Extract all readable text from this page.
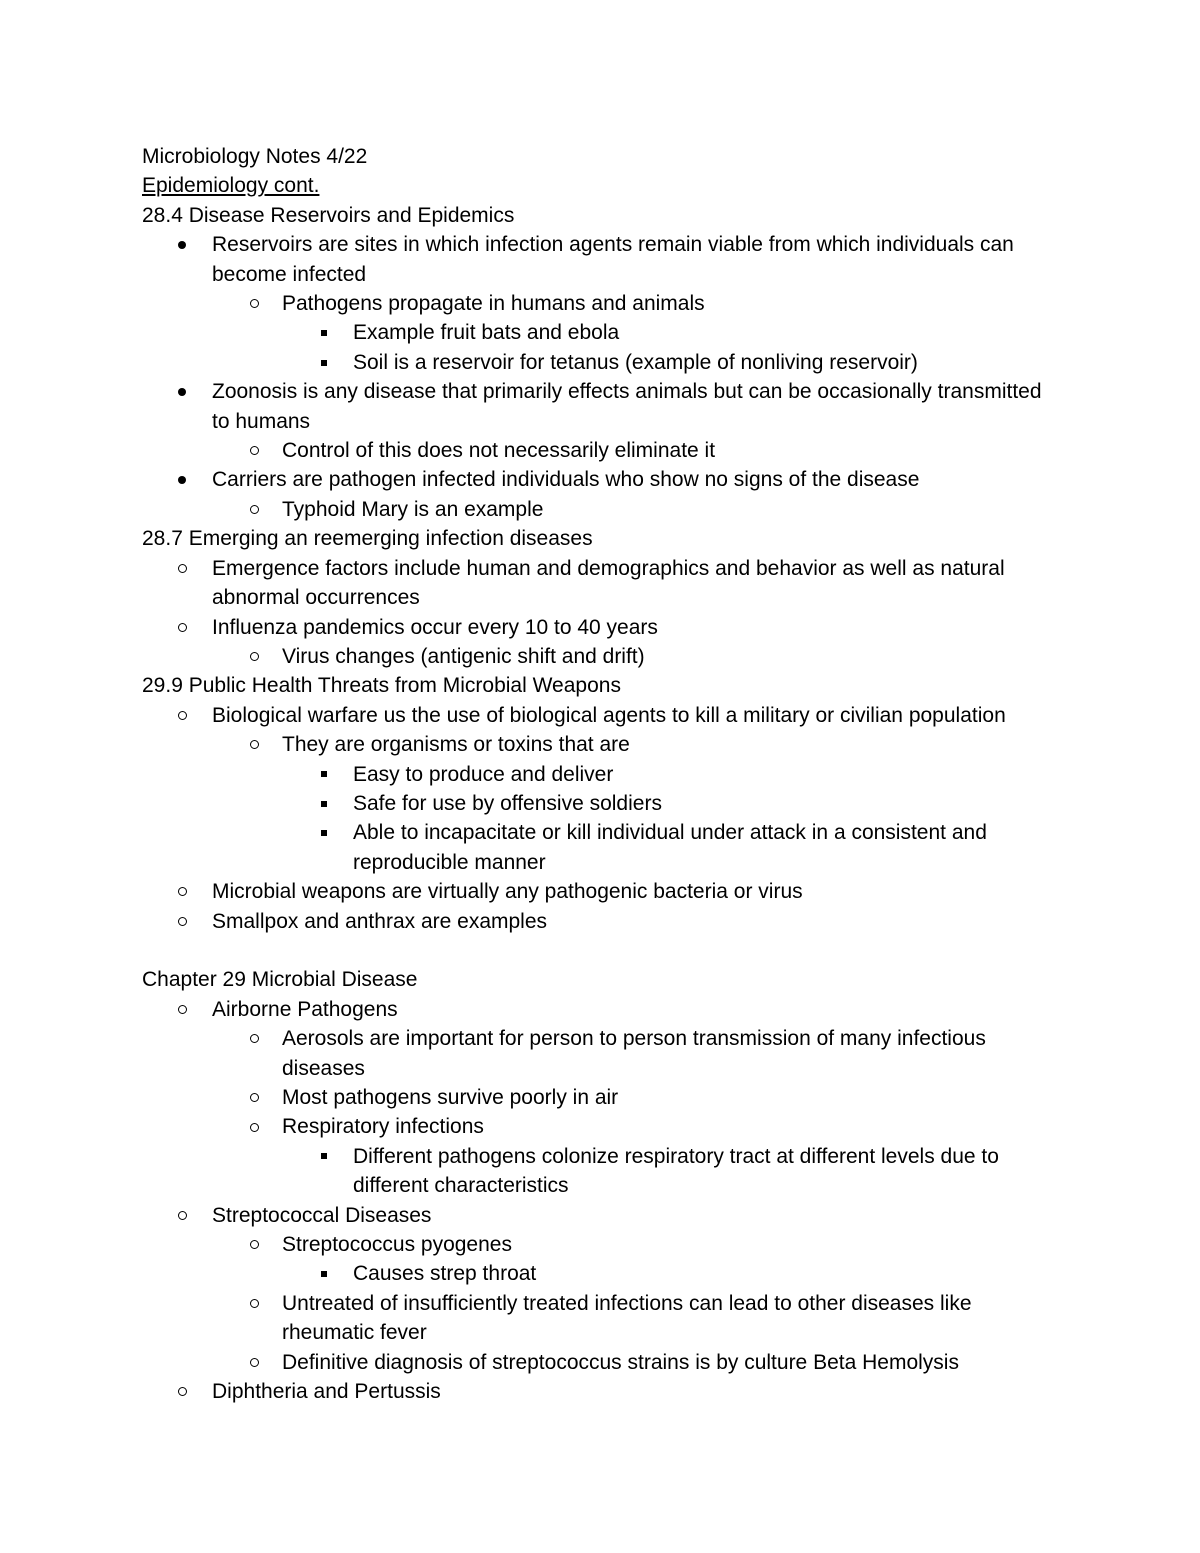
Microbiology Notes 4/22
Epidemiology cont.
28.4 Disease Reservoirs and Epidemics
Reservoirs are sites in which infection agents remain viable from which individuals can
become infected
Pathogens propagate in humans and animals
Example fruit bats and ebola
Soil is a reservoir for tetanus (example of nonliving reservoir)
Zoonosis is any disease that primarily effects animals but can be occasionally transmitted
to humans
Control of this does not necessarily eliminate it
Carriers are pathogen infected individuals who show no signs of the disease
Typhoid Mary is an example
28.7 Emerging an reemerging infection diseases
Emergence factors include human and demographics and behavior as well as natural
abnormal occurrences
Influenza pandemics occur every 10 to 40 years
Virus changes (antigenic shift and drift)
29.9 Public Health Threats from Microbial Weapons
Biological warfare us the use of biological agents to kill a military or civilian population
They are organisms or toxins that are
Easy to produce and deliver
Safe for use by offensive soldiers
Able to incapacitate or kill individual under attack in a consistent and
reproducible manner
Microbial weapons are virtually any pathogenic bacteria or virus
Smallpox and anthrax are examples
Chapter 29 Microbial Disease
Airborne Pathogens
Aerosols are important for person to person transmission of many infectious
diseases
Most pathogens survive poorly in air
Respiratory infections
Different pathogens colonize respiratory tract at different levels due to
different characteristics
Streptococcal Diseases
Streptococcus pyogenes
Causes strep throat
Untreated of insufficiently treated infections can lead to other diseases like
rheumatic fever
Definitive diagnosis of streptococcus strains is by culture Beta Hemolysis
Diphtheria and Pertussis
